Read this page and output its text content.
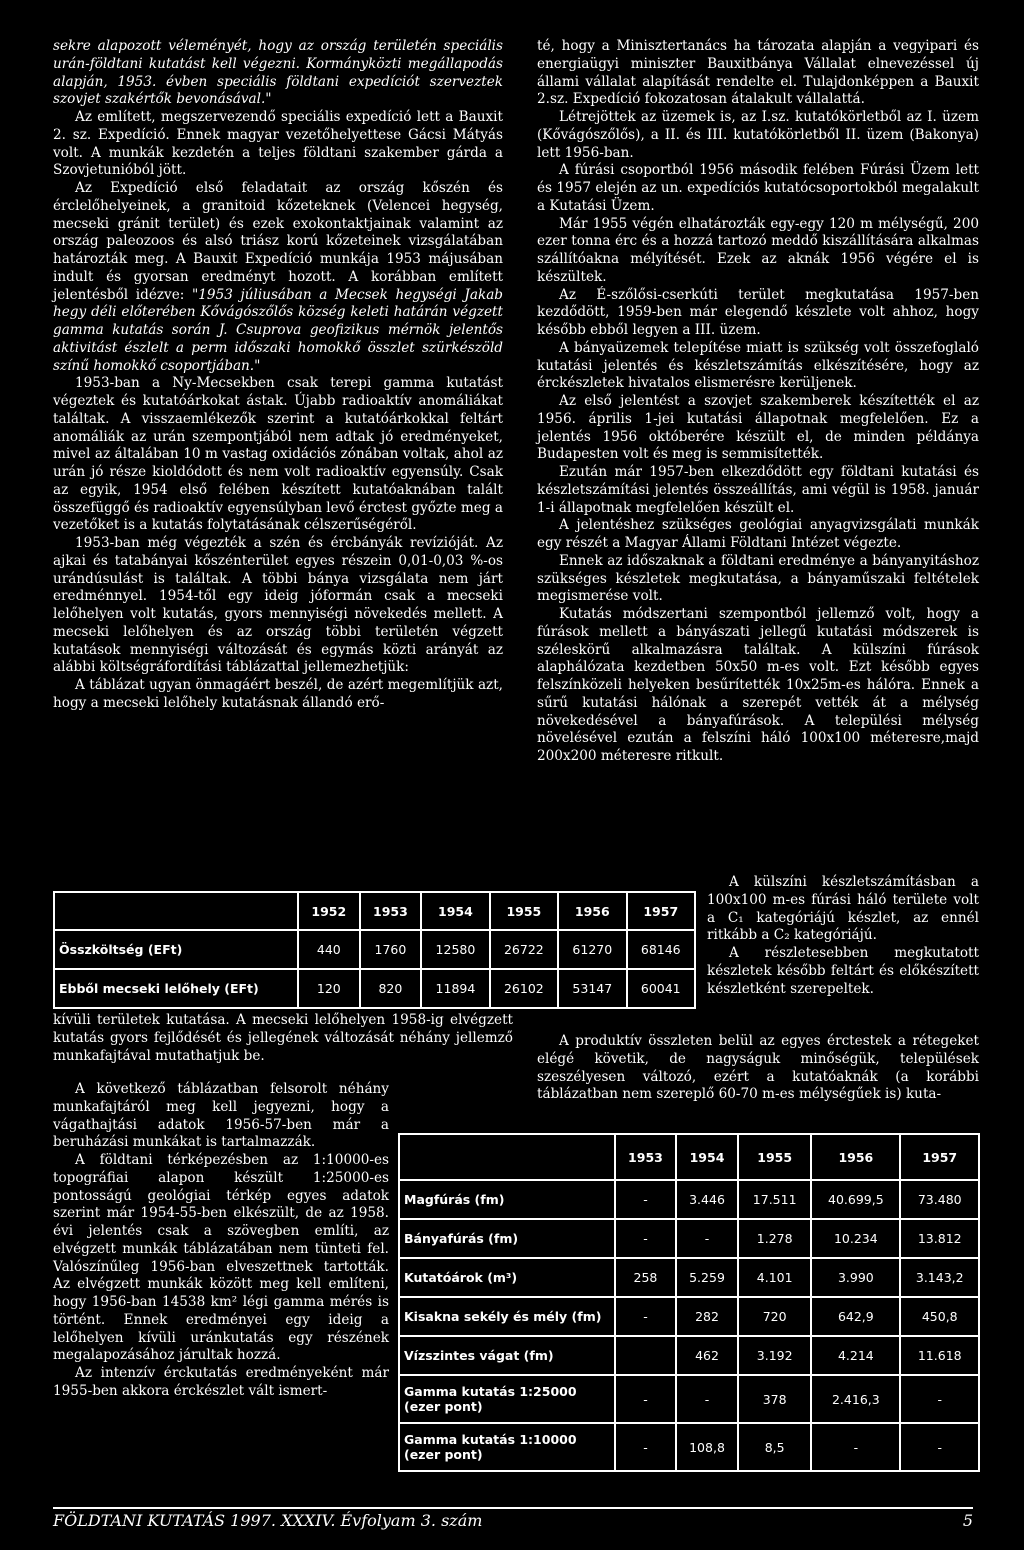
sekre alapozott véleményét, hogy az ország területén speciális urán-földtani kutatást kell végezni. Kormányközti megállapodás alapján, 1953. évben speciális földtani expedíciót szerveztek szovjet szakértők bevonásával."

Az említett, megszervezendő speciális expedíció lett a Bauxit 2. sz. Expedíció. Ennek magyar vezetőhelyettese Gácsi Mátyás volt. A munkák kezdetén a teljes földtani szakember gárda a Szovjetunióból jött.

Az Expedíció első feladatait az ország kőszén és érclelőhelyeinek, a granitoid kőzeteknek (Velencei hegység, mecseki gránit terület) és ezek exokontaktjainak valamint az ország paleozoos és alsó triász korú kőzeteinek vizsgálatában határozták meg. A Bauxit Expedíció munkája 1953 májusában indult és gyorsan eredményt hozott. A korábban említett jelentésből idézve: "1953 júliusában a Mecsek hegységi Jakab hegy déli előterében Kővágószőlős község keleti határán végzett gamma kutatás során J. Csuprova geofizikus mérnök jelentős aktivitást észlelt a perm időszaki homokkő összlet szürkészöld színű homokkő csoportjában."

1953-ban a Ny-Mecsekben csak terepi gamma kutatást végeztek és kutatóárkokat ástak. Újabb radioaktív anomáliákat találtak. A visszaemlékezők szerint a kutatóárkokkal feltárt anomáliák az urán szempontjából nem adtak jó eredményeket, mivel az általában 10 m vastag oxidációs zónában voltak, ahol az urán jó része kioldódott és nem volt radioaktív egyensúly. Csak az egyik, 1954 első felében készített kutatóaknában talált összefüggő és radioaktív egyensúlyban levő érctest győzte meg a vezetőket is a kutatás folytatásának célszerűségéről.

1953-ban még végezték a szén és ércbányák revízióját. Az ajkai és tatabányai kőszénterület egyes részein 0,01-0,03 %-os urándúsulást is találtak. A többi bánya vizsgálata nem járt eredménnyel. 1954-től egy ideig jóformán csak a mecseki lelőhelyen volt kutatás, gyors mennyiségi növekedés mellett. A mecseki lelőhelyen és az ország többi területén végzett kutatások mennyiségi változását és egymás közti arányát az alábbi költségráfordítási táblázattal jellemezhetjük:

A táblázat ugyan önmagáért beszél, de azért megemlítjük azt, hogy a mecseki lelőhely kutatásnak állandó erő-

té, hogy a Minisztertanács ha tározata alapján a vegyipari és energiaügyi miniszter Bauxitbánya Vállalat elnevezéssel új állami vállalat alapítását rendelte el. Tulajdonképpen a Bauxit 2.sz. Expedíció fokozatosan átalakult vállalattá.

Létrejöttek az üzemek is, az I.sz. kutatókörletből az I. üzem (Kővágószőlős), a II. és III. kutatókörletből II. üzem (Bakonya) lett 1956-ban.

A fúrási csoportból 1956 második felében Fúrási Üzem lett és 1957 elején az un. expedíciós kutatócsoportokból megalakult a Kutatási Üzem.

Már 1955 végén elhatározták egy-egy 120 m mélységű, 200 ezer tonna érc és a hozzá tartozó meddő kiszállítására alkalmas szállítóakna mélyítését. Ezek az aknák 1956 végére el is készültek.

Az É-szőlősi-cserkúti terület megkutatása 1957-ben kezdődött, 1959-ben már elegendő készlete volt ahhoz, hogy később ebből legyen a III. üzem.

A bányaüzemek telepítése miatt is szükség volt összefoglaló kutatási jelentés és készletszámítás elkészítésére, hogy az érckészletek hivatalos elismerésre kerüljenek.

Az első jelentést a szovjet szakemberek készítették el az 1956. április 1-jei kutatási állapotnak megfelelően. Ez a jelentés 1956 októberére készült el, de minden példánya Budapesten volt és meg is semmisítették.

Ezután már 1957-ben elkezdődött egy földtani kutatási és készletszámítási jelentés összeállítás, ami végül is 1958. január 1-i állapotnak megfelelően készült el.

A jelentéshez szükséges geológiai anyagvizsgálati munkák egy részét a Magyar Állami Földtani Intézet végezte.

Ennek az időszaknak a földtani eredménye a bányanyitáshoz szükséges készletek megkutatása, a bányaműszaki feltételek megismerése volt.

Kutatás módszertani szempontból jellemző volt, hogy a fúrások mellett a bányászati jellegű kutatási módszerek is széleskörű alkalmazásra találtak. A külszíni fúrások alaphálózata kezdetben 50x50 m-es volt. Ezt később egyes felszínközeli helyeken besűrítették 10x25m-es hálóra. Ennek a sűrű kutatási hálónak a szerepét vették át a mélység növekedésével a bányafúrások. A települési mélység növelésével ezután a felszíni háló 100x100 méteresre,majd 200x200 méteresre ritkult.

A külszíni készletszámításban a 100x100 m-es fúrási háló területe volt a C₁ kategóriájú készlet, az ennél ritkább a C₂ kategóriájú.

A részletesebben megkutatott készletek később feltárt és előkészített készletként szerepeltek.

A produktív összleten belül az egyes érctestek a rétegeket elégé követik, de nagyságuk minőségük, települések szeszélyesen változó, ezért a kutatóaknák (a korábbi táblázatban nem szereplő 60-70 m-es mélységűek is) kuta-

	1952	1953	1954	1955	1956	1957
Összköltség (EFt)	440	1760	12580	26722	61270	68146
Ebből mecseki lelőhely (EFt)	120	820	11894	26102	53147	60041

kívüli területek kutatása. A mecseki lelőhelyen 1958-ig elvégzett kutatás gyors fejlődését és jellegének változását néhány jellemző munkafajtával mutathatjuk be.

A következő táblázatban felsorolt néhány munkafajtáról meg kell jegyezni, hogy a vágathajtási adatok 1956-57-ben már a beruházási munkákat is tartalmazzák.

A földtani térképezésben az 1:10000-es topográfiai alapon készült 1:25000-es pontosságú geológiai térkép egyes adatok szerint már 1954-55-ben elkészült, de az 1958. évi jelentés csak a szövegben említi, az elvégzett munkák táblázatában nem tünteti fel. Valószínűleg 1956-ban elveszettnek tartották. Az elvégzett munkák között meg kell említeni, hogy 1956-ban 14538 km² légi gamma mérés is történt. Ennek eredményei egy ideig a lelőhelyen kívüli uránkutatás egy részének megalapozásához járultak hozzá.

Az intenzív érckutatás eredményeként már 1955-ben akkora érckészlet vált ismert-

	1953	1954	1955	1956	1957
Magfúrás (fm)	-	3.446	17.511	40.699,5	73.480
Bányafúrás (fm)	-	-	1.278	10.234	13.812
Kutatóárok (m³)	258	5.259	4.101	3.990	3.143,2
Kisakna sekély és mély (fm)	-	282	720	642,9	450,8
Vízszintes vágat (fm)		462	3.192	4.214	11.618
Gamma kutatás 1:25000 (ezer pont)	-	-	378	2.416,3	-
Gamma kutatás 1:10000 (ezer pont)	-	108,8	8,5	-	-
FÖLDTANI KUTATÁS 1997. XXXIV. Évfolyam 3. szám	5
